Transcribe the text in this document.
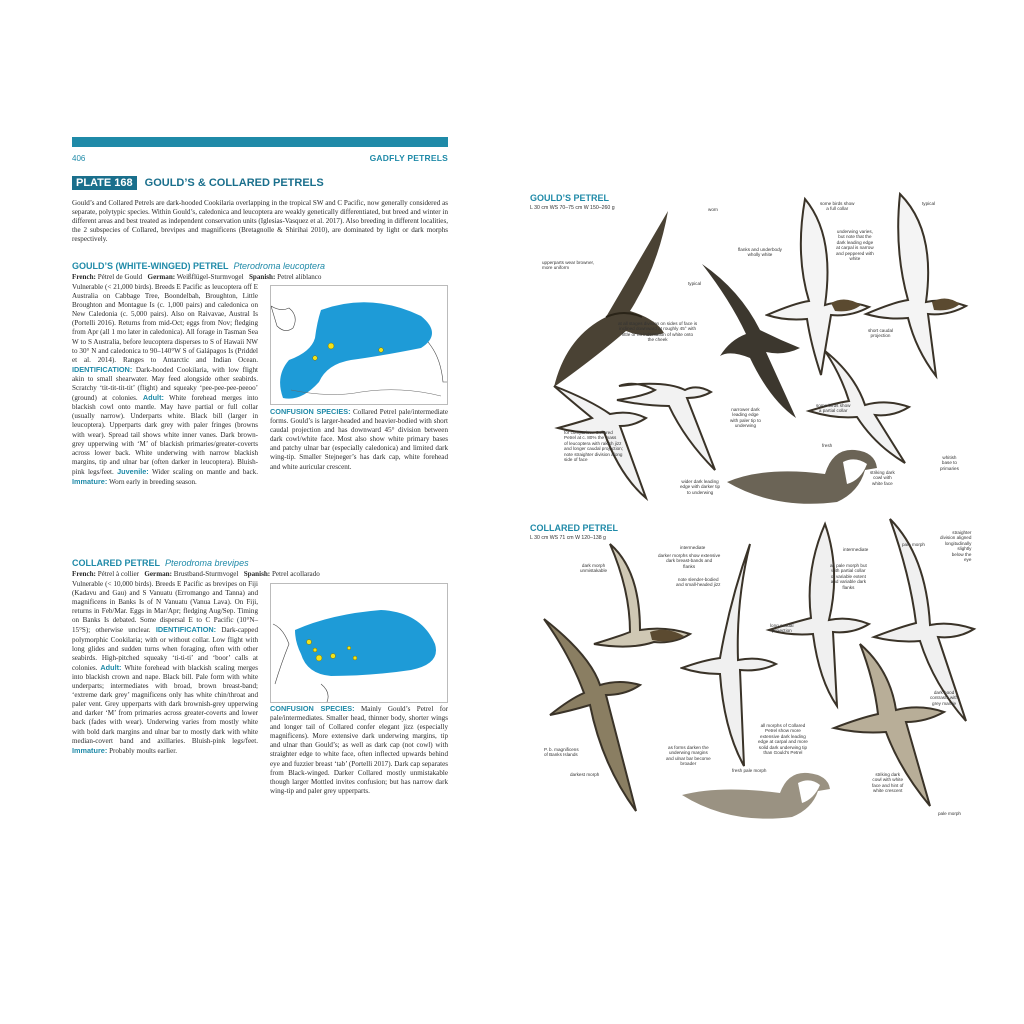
406	GADFLY PETRELS
PLATE 168	GOULD’S & COLLARED PETRELS
Gould’s and Collared Petrels are dark-hooded Cookilaria overlapping in the tropical SW and C Pacific, now generally considered as separate, polytypic species. Within Gould’s, caledonica and leucoptera are weakly genetically differentiated, but breed and winter in different areas and best treated as independent conservation units (Iglesias-Vasquez et al. 2017). Also breeding in different localities, the 2 subspecies of Collared, brevipes and magnificens (Bretagnolle & Shirihai 2010), are dominated by light or dark morphs respectively.
GOULD’S (WHITE-WINGED) PETREL Pterodroma leucoptera
French: Pétrel de Gould German: Weißflügel-Sturmvogel Spanish: Petrel aliblanco
Vulnerable (< 21,000 birds). Breeds E Pacific as leucoptera off E Australia on Cabbage Tree, Boondelbah, Broughton, Little Broughton and Montague Is (c. 1,000 pairs) and caledonica on New Caledonia (c. 5,000 pairs). Also on Raivavae, Austral Is (Portelli 2016). Returns from mid-Oct; eggs from Nov; fledging from Apr (all 1 mo later in caledonica). All forage in Tasman Sea W to S Australia, before leucoptera disperses to S of Hawaii NW to 30° N and caledonica to 90–140°W S of Galápagos Is (Priddel et al. 2014). Ranges to Antarctic and Indian Ocean. IDENTIFICATION: Dark-hooded Cookilaria, with low flight akin to small shearwater. May feed alongside other seabirds. Scratchy ‘tit-tit-tit-tit’ (flight) and squeaky ‘pee-pee-pee-peeoo’ (ground) at colonies. Adult: White forehead merges into blackish cowl onto mantle. May have partial or full collar (usually narrow). Underparts white. Black bill (larger in leucoptera). Upperparts dark grey with paler fringes (browns with wear). Spread tail shows white inner vanes. Dark brown-grey upperwing with ‘M’ of blackish primaries/greater-coverts across lower back. White underwing with narrow blackish margins, tip and ulnar bar (often darker in leucoptera). Bluish-pink legs/feet. Juvenile: Wider scaling on mantle and back. Immature: Worn early in breeding season.
CONFUSION SPECIES: Collared Petrel pale/intermediate forms. Gould’s is larger-headed and heavier-bodied with short caudal projection and has downward 45° division between dark cowl/white face. Most also show white primary bases and patchy ulnar bar (especially caledonica) and limited dark wing-tip. Smaller Stejneger’s has dark cap, white forehead and white auricular crescent.
COLLARED PETREL Pterodroma brevipes
French: Pétrel à collier German: Brustband-Sturmvogel Spanish: Petrel acollarado
Vulnerable (< 10,000 birds). Breeds E Pacific as brevipes on Fiji (Kadavu and Gau) and S Vanuatu (Erromango and Tanna) and magnificens in Banks Is of N Vanuatu (Vanua Lava). On Fiji, returns in Feb/Mar. Eggs in Mar/Apr; fledging Aug/Sep. Timing on Banks Is debated. Some dispersal E to C Pacific (10°N–15°S); otherwise unclear. IDENTIFICATION: Dark-capped polymorphic Cookilaria; with or without collar. Low flight with long glides and sudden turns when foraging, often with other seabirds. High-pitched squeaky ‘ti-ti-ti’ and ‘boor’ calls at colonies. Adult: White forehead with blackish scaling merges into blackish crown and nape. Black bill. Pale form with white underparts; intermediates with broad, brown breast-band; ‘extreme dark grey’ magnificens only has white chin/throat and paler vent. Grey upperparts with dark brownish-grey upperwing and darker ‘M’ from primaries across greater-coverts and lower back (fades with wear). Underwing varies from mostly white with bold dark margins and ulnar bar to mostly dark with white median-covert band and axillaries. Bluish-pink legs/feet. Immature: Probably moults earlier.
CONFUSION SPECIES: Mainly Gould’s Petrel for pale/intermediates. Smaller head, thinner body, shorter wings and longer tail of Collared confer elegant jizz (especially magnificens). More extensive dark underwing margins, tip and ulnar than Gould’s; as well as dark cap (not cowl) with straighter edge to white face, often inflected upwards behind eye and fuzzier breast ‘tab’ (Portelli 2017). Dark cap separates from Black-winged. Darker Collared mostly unmistakable though larger Mottled invites confusion; but has narrow dark wing-tip and paler grey upperparts.
GOULD’S PETREL
L 30 cm WS 70–75 cm W 150–260 g	worn
upperparts wear browner,
more uniform
typical
flanks and underbody
wholly white
some birds show
a full collar
underwing varies,
but note that the
dark leading edge
at carpal is narrow
and peppered with
white
typical
at all stages division on sides of face is
inclined downward at roughly 45° with
little or no indentation of white onto
the cheek
short caudal
projection
some birds show
a partial collar
narrower dark
leading edge
with paler tip to
underwing
for comparison Collared
Petrel at c. 80% the mass
of leucoptera with rakish jizz
and longer caudal projection;
note straighter division along
side of face
fresh
whitish
base to
primaries
striking dark
cowl with
white face
wider dark leading
edge with darker tip
to underwing
COLLARED PETREL
L 30 cm WS 71 cm W 120–138 g
pale morph
intermediate
darker morphs show extensive
dark breast-bands and
flanks
dark morph
unmistakable
note slender-bodied
and small-headed jizz
intermediate
straighter
division aligned
longitudinally
slightly
below the
eye
as pale morph but
with partial collar
of variable extent
and variable dark
flanks
long caudal
projection
dark hood
contrasts with
grey mantle
all morphs of Collared
Petrel show more
extensive dark leading
edge at carpal and more
solid dark underwing tip
than Gould’s Petrel
P. b. magnificens
of Banks Islands
as forms darken the
underwing margins
and ulnar bar become
broader
darkest morph
fresh pale morph
striking dark
cowl with white
face and hint of
white crescent
pale morph
